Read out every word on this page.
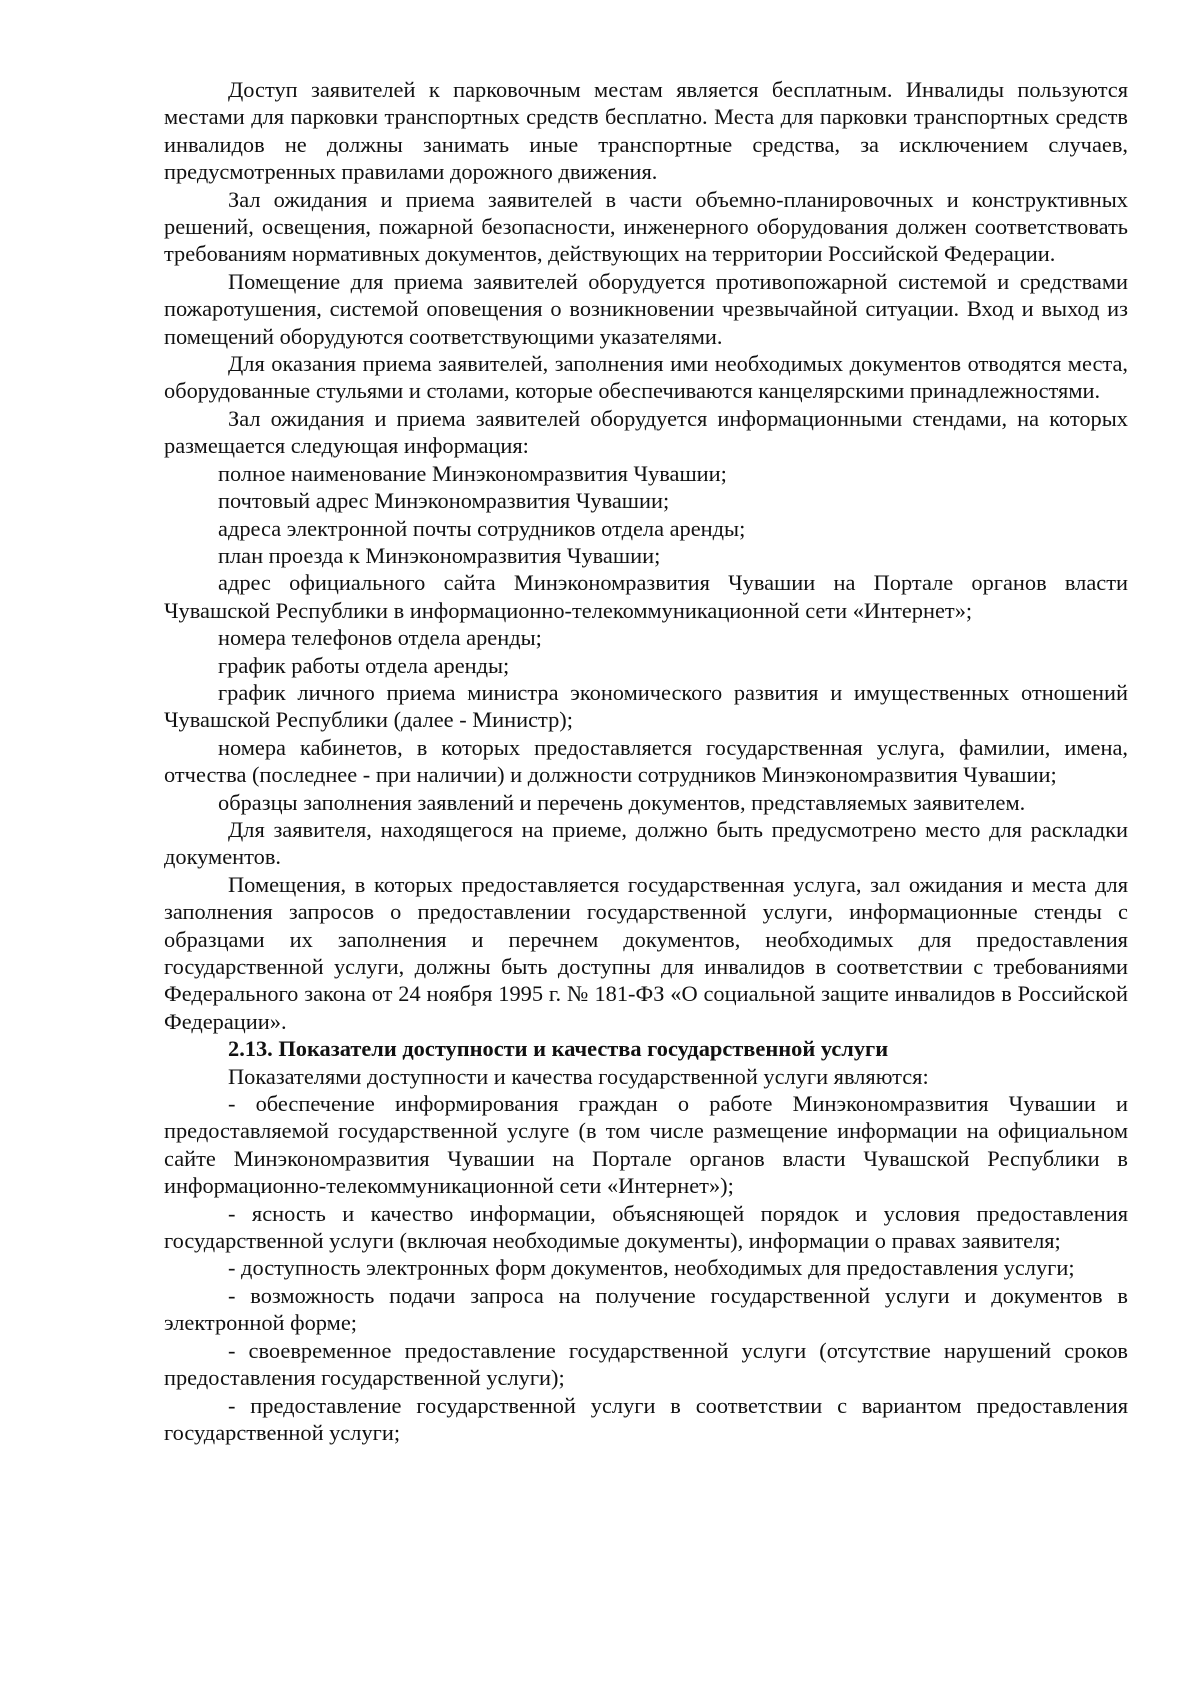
Доступ заявителей к парковочным местам является бесплатным. Инвалиды пользуются местами для парковки транспортных средств бесплатно. Места для парковки транспортных средств инвалидов не должны занимать иные транспортные средства, за исключением случаев, предусмотренных правилами дорожного движения.

Зал ожидания и приема заявителей в части объемно-планировочных и конструктивных решений, освещения, пожарной безопасности, инженерного оборудования должен соответствовать требованиям нормативных документов, действующих на территории Российской Федерации.

Помещение для приема заявителей оборудуется противопожарной системой и средствами пожаротушения, системой оповещения о возникновении чрезвычайной ситуации. Вход и выход из помещений оборудуются соответствующими указателями.

Для оказания приема заявителей, заполнения ими необходимых документов отводятся места, оборудованные стульями и столами, которые обеспечиваются канцелярскими принадлежностями.

Зал ожидания и приема заявителей оборудуется информационными стендами, на которых размещается следующая информация:

полное наименование Минэкономразвития Чувашии;

почтовый адрес Минэкономразвития Чувашии;

адреса электронной почты сотрудников отдела аренды;

план проезда к Минэкономразвития Чувашии;

адрес официального сайта Минэкономразвития Чувашии на Портале органов власти Чувашской Республики в информационно-телекоммуникационной сети «Интернет»;

номера телефонов отдела аренды;

график работы отдела аренды;

график личного приема министра экономического развития и имущественных отношений Чувашской Республики (далее - Министр);

номера кабинетов, в которых предоставляется государственная услуга, фамилии, имена, отчества (последнее - при наличии) и должности сотрудников Минэкономразвития Чувашии;

образцы заполнения заявлений и перечень документов, представляемых заявителем.

Для заявителя, находящегося на приеме, должно быть предусмотрено место для раскладки документов.

Помещения, в которых предоставляется государственная услуга, зал ожидания и места для заполнения запросов о предоставлении государственной услуги, информационные стенды с образцами их заполнения и перечнем документов, необходимых для предоставления государственной услуги, должны быть доступны для инвалидов в соответствии с требованиями Федерального закона от 24 ноября 1995 г. № 181-ФЗ «О социальной защите инвалидов в Российской Федерации».

2.13. Показатели доступности и качества государственной услуги

Показателями доступности и качества государственной услуги являются:

- обеспечение информирования граждан о работе Минэкономразвития Чувашии и предоставляемой государственной услуге (в том числе размещение информации на официальном сайте Минэкономразвития Чувашии на Портале органов власти Чувашской Республики в информационно-телекоммуникационной сети «Интернет»);

- ясность и качество информации, объясняющей порядок и условия предоставления государственной услуги (включая необходимые документы), информации о правах заявителя;

- доступность электронных форм документов, необходимых для предоставления услуги;

- возможность подачи запроса на получение государственной услуги и документов в электронной форме;

- своевременное предоставление государственной услуги (отсутствие нарушений сроков предоставления государственной услуги);

- предоставление государственной услуги в соответствии с вариантом предоставления государственной услуги;
